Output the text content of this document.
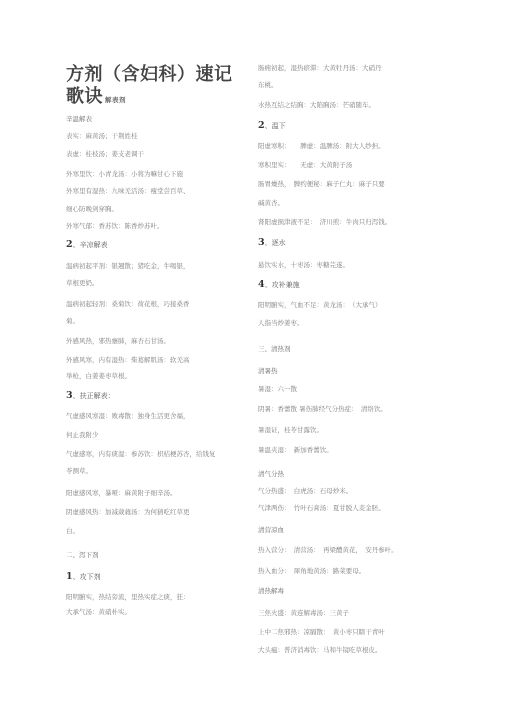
方剂（含妇科）速记歌诀 解表剂
辛温解表
表实：麻黄汤；干荆姓桂
表虚：桂枝汤；姜支老调干
外寒里饮：小青龙汤：小将为嘛甘心下施
外寒里有湿热：九味羌活汤：瘦堂尝百草、
细心防晚剑穿胸。
外寒气郁：香苏饮：陈香炒苏叶。
2、辛凉解表
温病初起平剂：银翘散；猪吃金，牛喝银，
草根更奶。
温病初起轻剂：桑菊饮：荷花根，巧接桑香
菊。
外感风热，邪热壅肺，麻杏石甘汤。
外感风寒，内有湿热：柴葛解肌汤：软羌高
举枪，白姜姜枣草根。
3、扶正解表：
气虚感风寒湿：败毒散：独身生活更舍福，
何止我附少
气虚感寒，内有痰湿：参苏饮：枳桔梗苏杏，给钱复
苓测草。
阳虚感风寒，暴哑：麻黄附子细辛汤。
阴虚感风热：加减葳蕤汤：为何猜吃红草更
白。
二、泻下剂
1、攻下剂
阳明腑实，热结旁流，里热实症之痰，狂：
大承气汤：黄硝朴实。
肠痈初起，湿热瘀滞：大黄牡丹汤：大硝丹
东桃。
水热互结之结胸：大陷胸汤：芒硝随车。
2、温下
阳虚寒积：　　脾虚：温脾汤：附大人纱担。
寒积里实：　　无虚：大黄附子汤
肠胃燥热，　脾约便秘：麻子仁丸：麻子只要
碱黄杏。
肾阳虚损津液不足：　济川煎：牛肉只归泻钱。
3、逐水
悬饮实水，十枣汤：枣糖芫遂。
4、攻补兼施
阳明腑实，气血不足：黄龙汤：　（大承气）
人指当炒姜枣。
三、清热剂
清暑热
暑湿：六一散
阴暑：香薷散 暑伤肺经气分热症：　清络饮。
暑湿证，桂苓甘露饮。
暑温夹湿：　新加香薷饮。
清气分热
气分热盛：　白虎汤：石母炒米。
气津两伤：　竹叶石膏汤：夏甘脱人麦金胚。
清营凉血
热入营分：　清营汤：　再梁醴黄花，　安丹参叶。
热入血分：　犀角地黄汤：路菜要母。
清热解毒
三焦火盛：黄连解毒汤：三黄子
上中二焦邪热：凉膈散：　黄小枣只瞎干青叶
大头瘟：普济消毒饮：马和牛镜吃草根皮。
